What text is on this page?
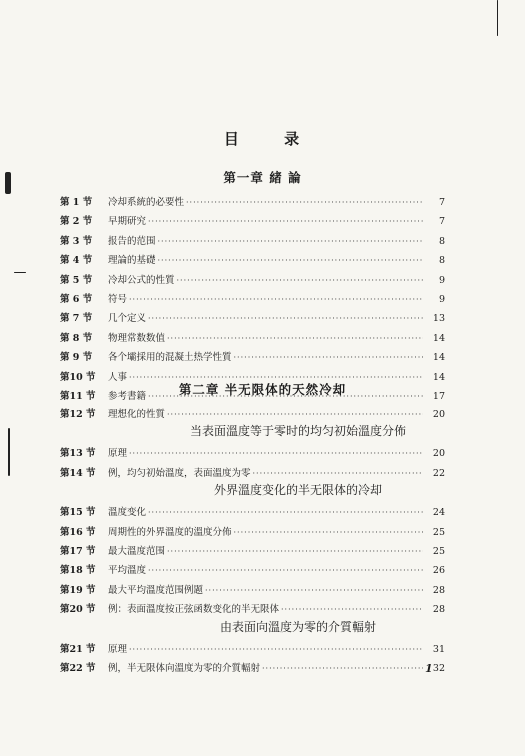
目	录
第一章 緒 論
第 1 节	冷却系統的必要性 ·····	7
第 2 节	早期研究 ·····	7
第 3 节	报告的范围 ·····	8
第 4 节	理論的基礎 ·····	8
第 5 节	冷却公式的性質 ·····	9
第 6 节	符号 ·····	9
第 7 节	几个定义 ·····	13
第 8 节	物理常数数值 ·····	14
第 9 节	各个壩採用的混凝土热学性質 ·····	14
第10 节	人事 ·····	14
第11 节	参考書籍 ·····	17
第二章 半无限体的天然冷却
第12 节	理想化的性質 ·····	20
当表面溫度等于零时的均匀初始溫度分佈
第13 节	原理 ·····	20
第14 节	例，均匀初始溫度，表面溫度为零 ·····	22
外界溫度变化的半无限体的冷却
第15 节	溫度变化 ·····	24
第16 节	周期性的外界溫度的溫度分佈 ·····	25
第17 节	最大溫度范围 ·····	25
第18 节	平均溫度 ·····	26
第19 节	最大平均溫度范围例题 ·····	28
第20 节	例：表面溫度按正弦函数变化的半无限体 ·····	28
由表面向溫度为零的介質輻射
第21 节	原理 ·····	31
第22 节	例，半无限体向溫度为零的介質輻射 ·····	32
1
